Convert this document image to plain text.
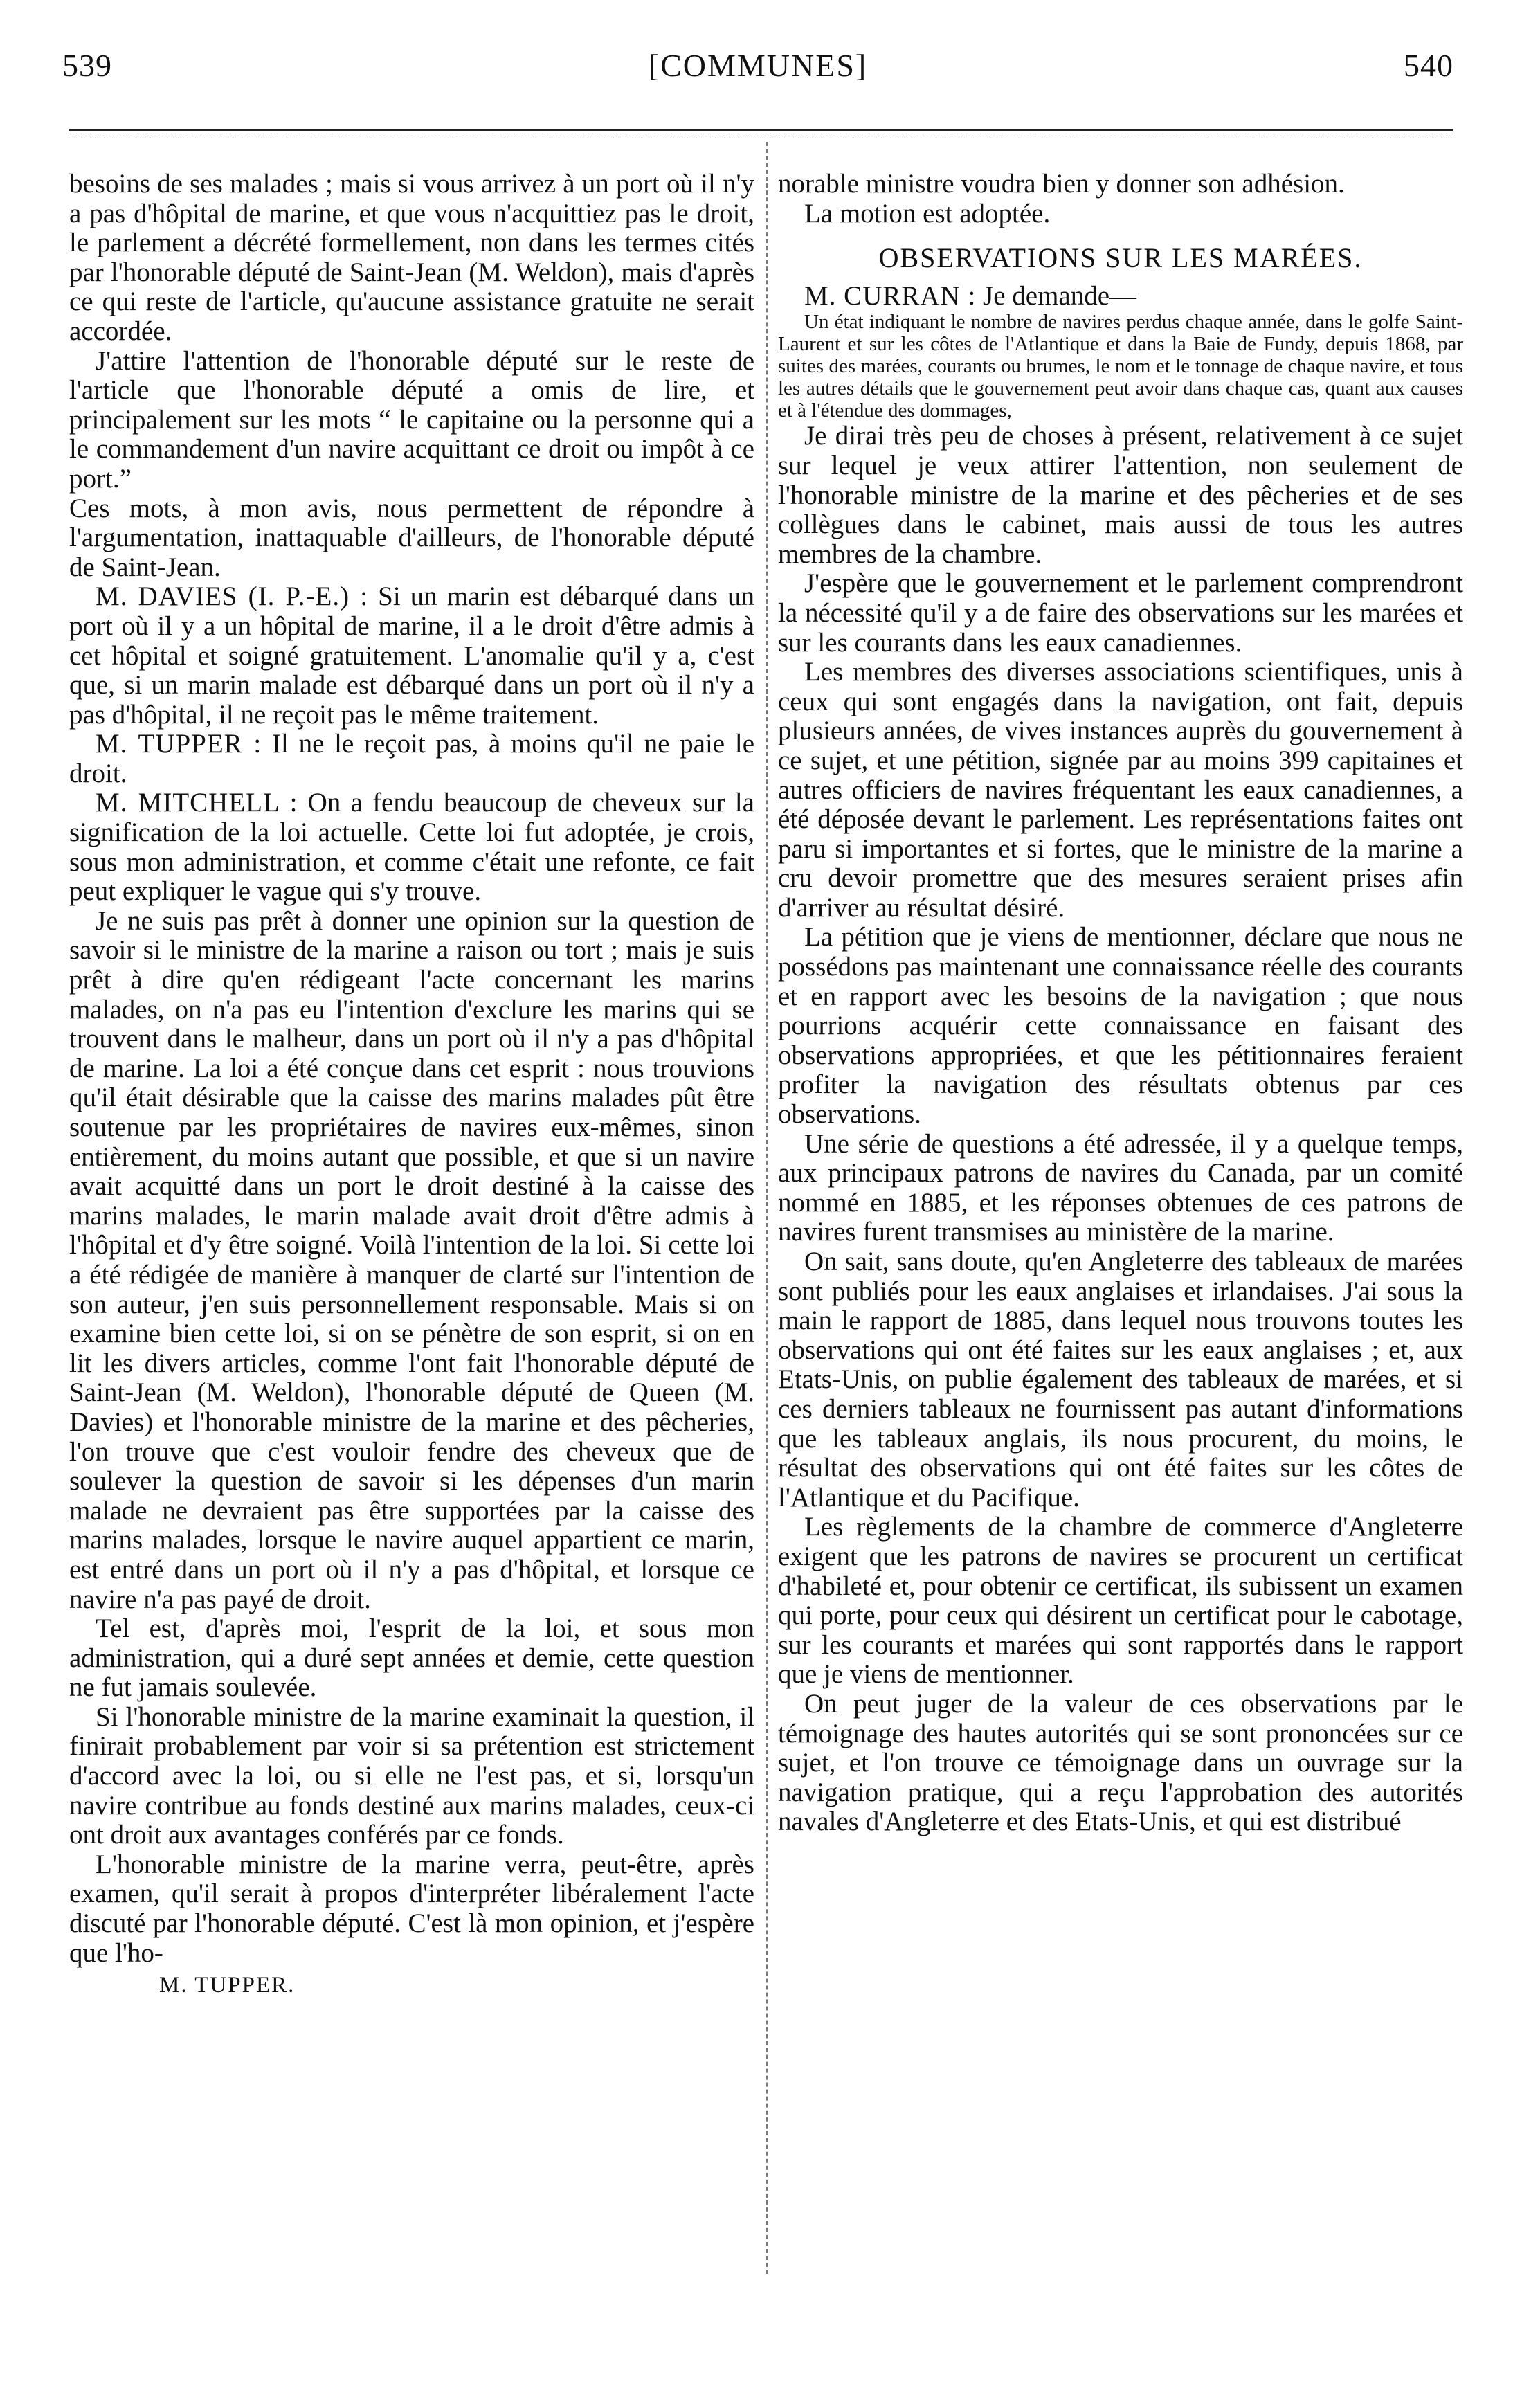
539	[COMMUNES]	540

besoins de ses malades ; mais si vous arrivez à un port où il n'y a pas d'hôpital de marine, et que vous n'acquittiez pas le droit, le parlement a décrété formellement, non dans les termes cités par l'honorable député de Saint-Jean (M. Weldon), mais d'après ce qui reste de l'article, qu'aucune assistance gratuite ne serait accordée.

J'attire l'attention de l'honorable député sur le reste de l'article que l'honorable député a omis de lire, et principalement sur les mots “ le capitaine ou la personne qui a le commandement d'un navire acquittant ce droit ou impôt à ce port.”

Ces mots, à mon avis, nous permettent de répondre à l'argumentation, inattaquable d'ailleurs, de l'honorable député de Saint-Jean.

M. DAVIES (I. P.-E.) : Si un marin est débarqué dans un port où il y a un hôpital de marine, il a le droit d'être admis à cet hôpital et soigné gratuitement. L'anomalie qu'il y a, c'est que, si un marin malade est débarqué dans un port où il n'y a pas d'hôpital, il ne reçoit pas le même traitement.

M. TUPPER : Il ne le reçoit pas, à moins qu'il ne paie le droit.

M. MITCHELL : On a fendu beaucoup de cheveux sur la signification de la loi actuelle. Cette loi fut adoptée, je crois, sous mon administration, et comme c'était une refonte, ce fait peut expliquer le vague qui s'y trouve.

Je ne suis pas prêt à donner une opinion sur la question de savoir si le ministre de la marine a raison ou tort ; mais je suis prêt à dire qu'en rédigeant l'acte concernant les marins malades, on n'a pas eu l'intention d'exclure les marins qui se trouvent dans le malheur, dans un port où il n'y a pas d'hôpital de marine. La loi a été conçue dans cet esprit : nous trouvions qu'il était désirable que la caisse des marins malades pût être soutenue par les propriétaires de navires eux-mêmes, sinon entièrement, du moins autant que possible, et que si un navire avait acquitté dans un port le droit destiné à la caisse des marins malades, le marin malade avait droit d'être admis à l'hôpital et d'y être soigné. Voilà l'intention de la loi. Si cette loi a été rédigée de manière à manquer de clarté sur l'intention de son auteur, j'en suis personnellement responsable. Mais si on examine bien cette loi, si on se pénètre de son esprit, si on en lit les divers articles, comme l'ont fait l'honorable député de Saint-Jean (M. Weldon), l'honorable député de Queen (M. Davies) et l'honorable ministre de la marine et des pêcheries, l'on trouve que c'est vouloir fendre des cheveux que de soulever la question de savoir si les dépenses d'un marin malade ne devraient pas être supportées par la caisse des marins malades, lorsque le navire auquel appartient ce marin, est entré dans un port où il n'y a pas d'hôpital, et lorsque ce navire n'a pas payé de droit.

Tel est, d'après moi, l'esprit de la loi, et sous mon administration, qui a duré sept années et demie, cette question ne fut jamais soulevée.

Si l'honorable ministre de la marine examinait la question, il finirait probablement par voir si sa prétention est strictement d'accord avec la loi, ou si elle ne l'est pas, et si, lorsqu'un navire contribue au fonds destiné aux marins malades, ceux-ci ont droit aux avantages conférés par ce fonds.

L'honorable ministre de la marine verra, peut-être, après examen, qu'il serait à propos d'interpréter libéralement l'acte discuté par l'honorable député. C'est là mon opinion, et j'espère que l'ho-

M. TUPPER.

norable ministre voudra bien y donner son adhésion.

La motion est adoptée.

OBSERVATIONS SUR LES MARÉES.

M. CURRAN : Je demande—

Un état indiquant le nombre de navires perdus chaque année, dans le golfe Saint-Laurent et sur les côtes de l'Atlantique et dans la Baie de Fundy, depuis 1868, par suites des marées, courants ou brumes, le nom et le tonnage de chaque navire, et tous les autres détails que le gouvernement peut avoir dans chaque cas, quant aux causes et à l'étendue des dommages,

Je dirai très peu de choses à présent, relativement à ce sujet sur lequel je veux attirer l'attention, non seulement de l'honorable ministre de la marine et des pêcheries et de ses collègues dans le cabinet, mais aussi de tous les autres membres de la chambre.

J'espère que le gouvernement et le parlement comprendront la nécessité qu'il y a de faire des observations sur les marées et sur les courants dans les eaux canadiennes.

Les membres des diverses associations scientifiques, unis à ceux qui sont engagés dans la navigation, ont fait, depuis plusieurs années, de vives instances auprès du gouvernement à ce sujet, et une pétition, signée par au moins 399 capitaines et autres officiers de navires fréquentant les eaux canadiennes, a été déposée devant le parlement. Les représentations faites ont paru si importantes et si fortes, que le ministre de la marine a cru devoir promettre que des mesures seraient prises afin d'arriver au résultat désiré.

La pétition que je viens de mentionner, déclare que nous ne possédons pas maintenant une connaissance réelle des courants et en rapport avec les besoins de la navigation ; que nous pourrions acquérir cette connaissance en faisant des observations appropriées, et que les pétitionnaires feraient profiter la navigation des résultats obtenus par ces observations.

Une série de questions a été adressée, il y a quelque temps, aux principaux patrons de navires du Canada, par un comité nommé en 1885, et les réponses obtenues de ces patrons de navires furent transmises au ministère de la marine.

On sait, sans doute, qu'en Angleterre des tableaux de marées sont publiés pour les eaux anglaises et irlandaises. J'ai sous la main le rapport de 1885, dans lequel nous trouvons toutes les observations qui ont été faites sur les eaux anglaises ; et, aux Etats-Unis, on publie également des tableaux de marées, et si ces derniers tableaux ne fournissent pas autant d'informations que les tableaux anglais, ils nous procurent, du moins, le résultat des observations qui ont été faites sur les côtes de l'Atlantique et du Pacifique.

Les règlements de la chambre de commerce d'Angleterre exigent que les patrons de navires se procurent un certificat d'habileté et, pour obtenir ce certificat, ils subissent un examen qui porte, pour ceux qui désirent un certificat pour le cabotage, sur les courants et marées qui sont rapportés dans le rapport que je viens de mentionner.

On peut juger de la valeur de ces observations par le témoignage des hautes autorités qui se sont prononcées sur ce sujet, et l'on trouve ce témoignage dans un ouvrage sur la navigation pratique, qui a reçu l'approbation des autorités navales d'Angleterre et des Etats-Unis, et qui est distribué
